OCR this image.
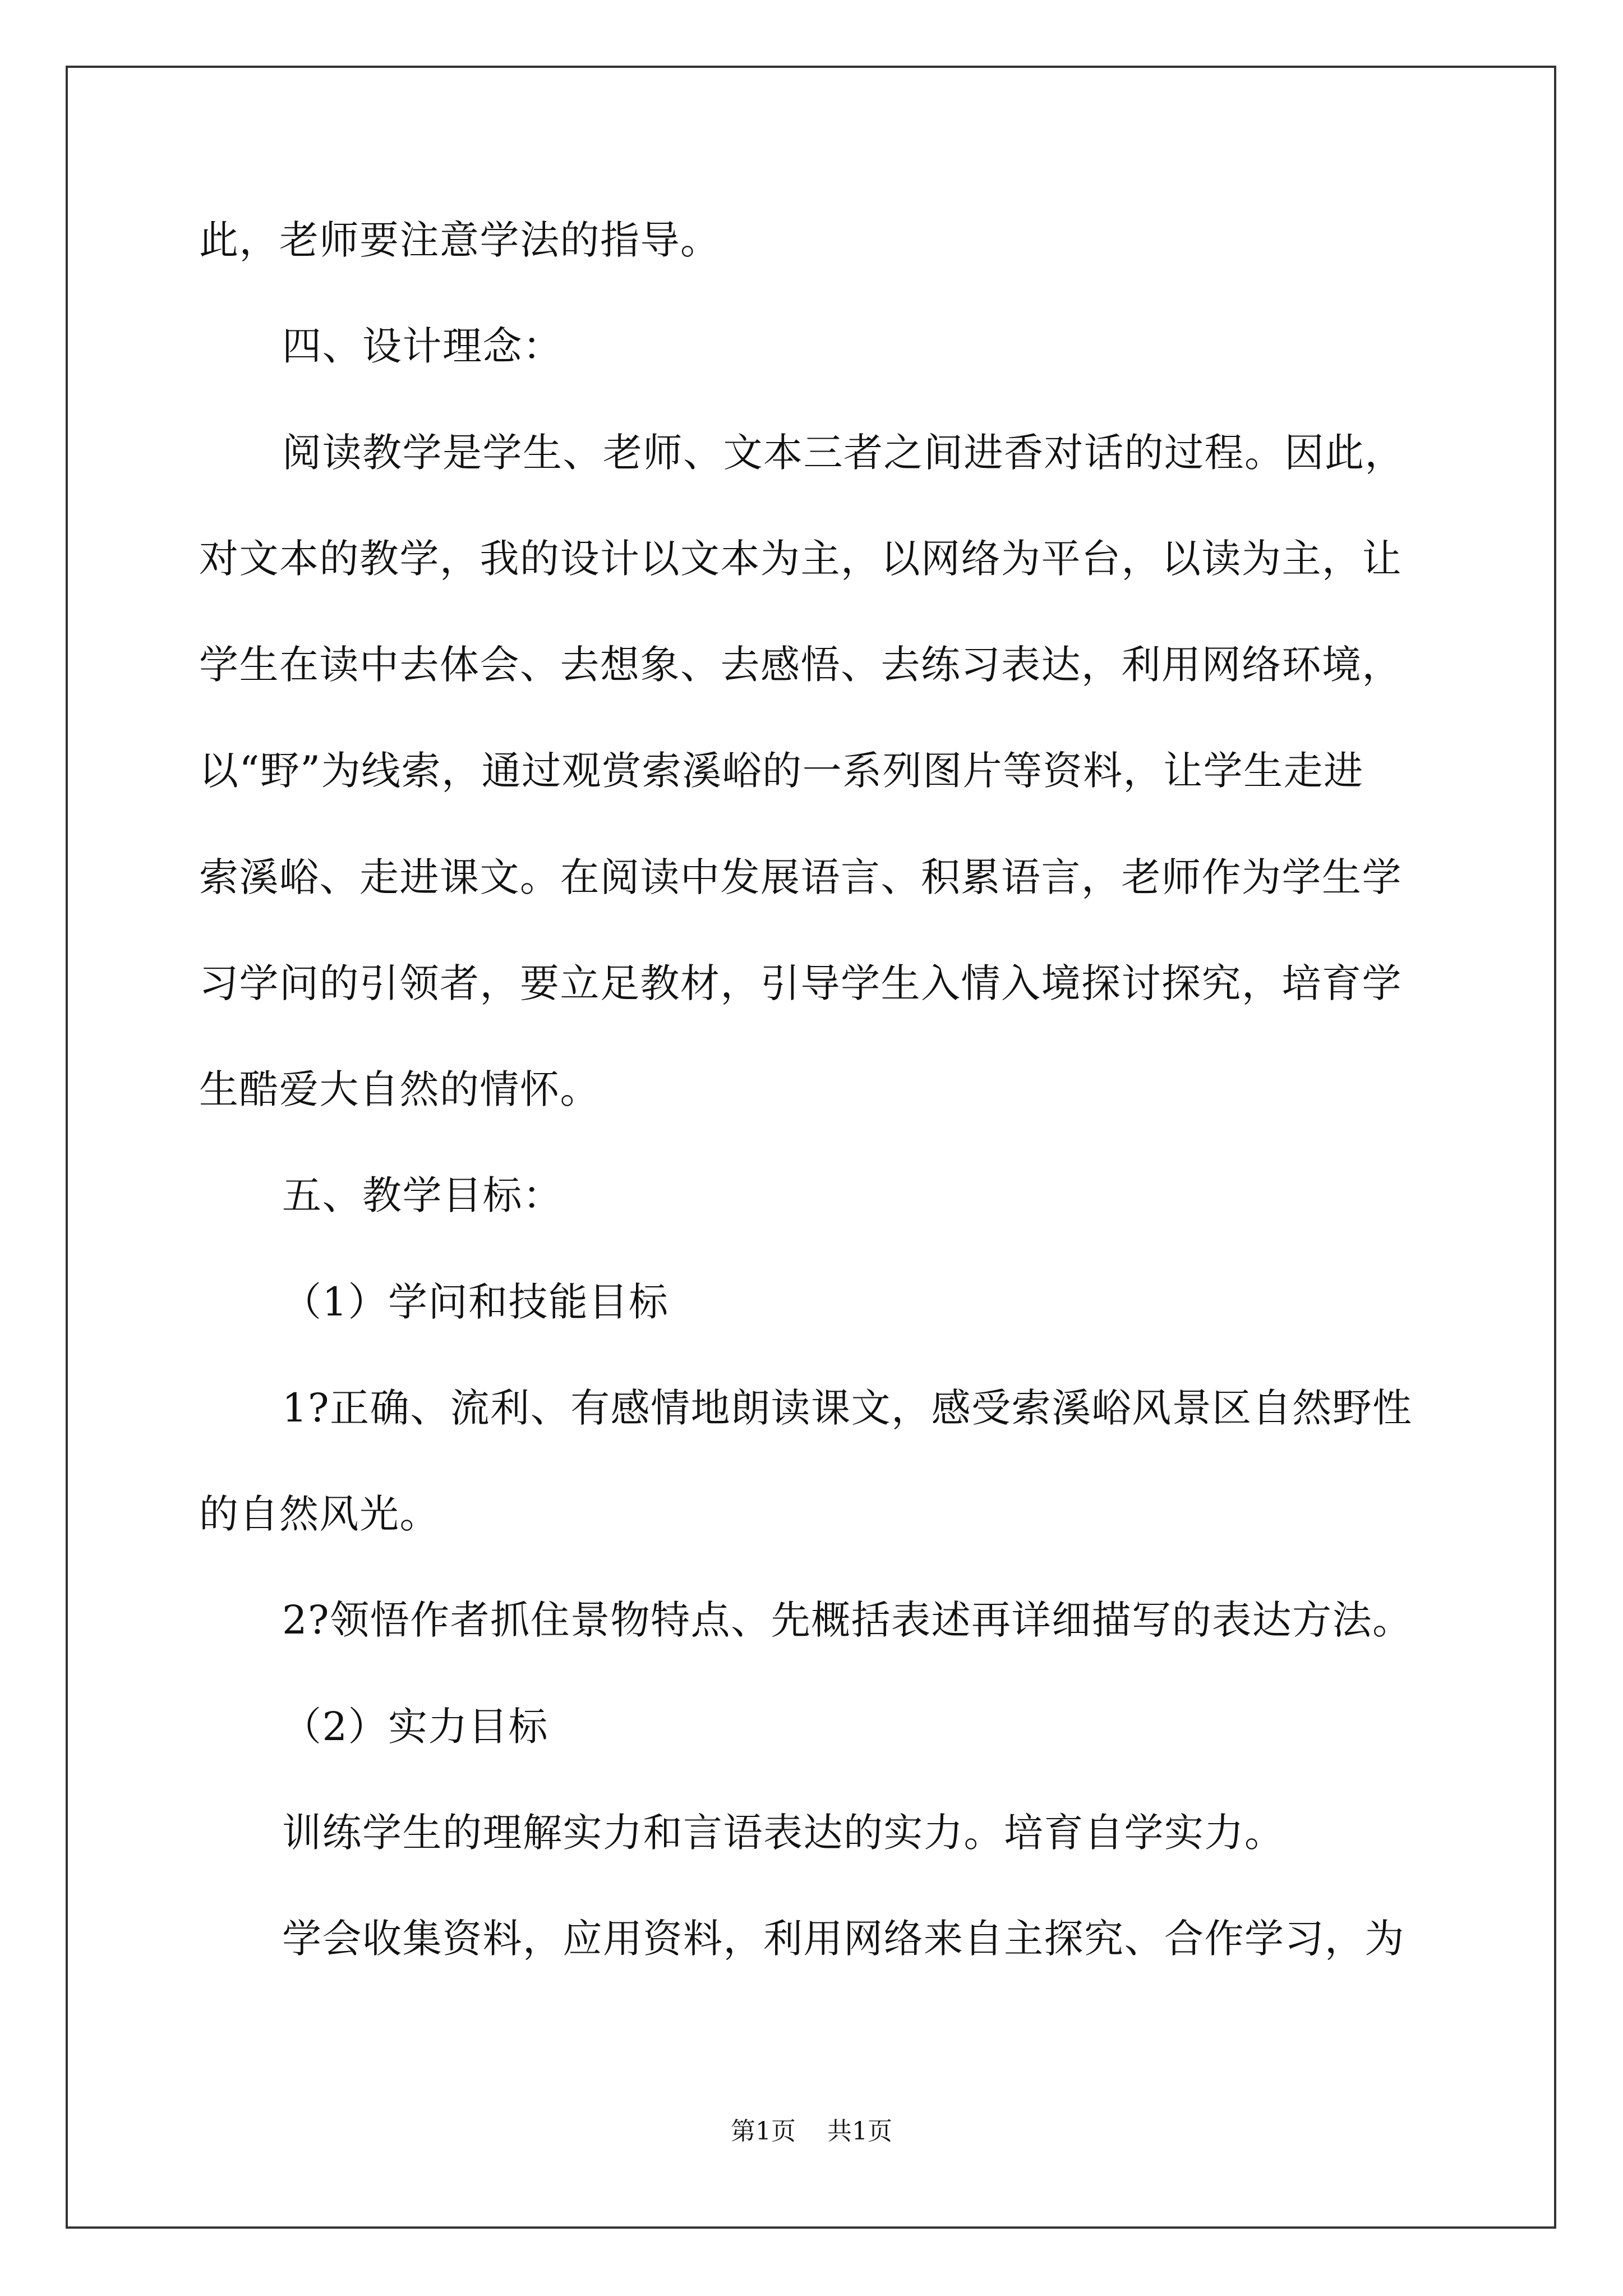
此，老师要注意学法的指导。
四、设计理念：
阅读教学是学生、老师、文本三者之间进香对话的过程。因此，
对文本的教学，我的设计以文本为主，以网络为平台，以读为主，让
学生在读中去体会、去想象、去感悟、去练习表达，利用网络环境，
以“野”为线索，通过观赏索溪峪的一系列图片等资料，让学生走进
索溪峪、走进课文。在阅读中发展语言、积累语言，老师作为学生学
习学问的引领者，要立足教材，引导学生入情入境探讨探究，培育学
生酷爱大自然的情怀。
五、教学目标：
（1）学问和技能目标
1?正确、流利、有感情地朗读课文，感受索溪峪风景区自然野性
的自然风光。
2?领悟作者抓住景物特点、先概括表述再详细描写的表达方法。
（2）实力目标
训练学生的理解实力和言语表达的实力。培育自学实力。
学会收集资料，应用资料，利用网络来自主探究、合作学习，为
第1页 共1页
